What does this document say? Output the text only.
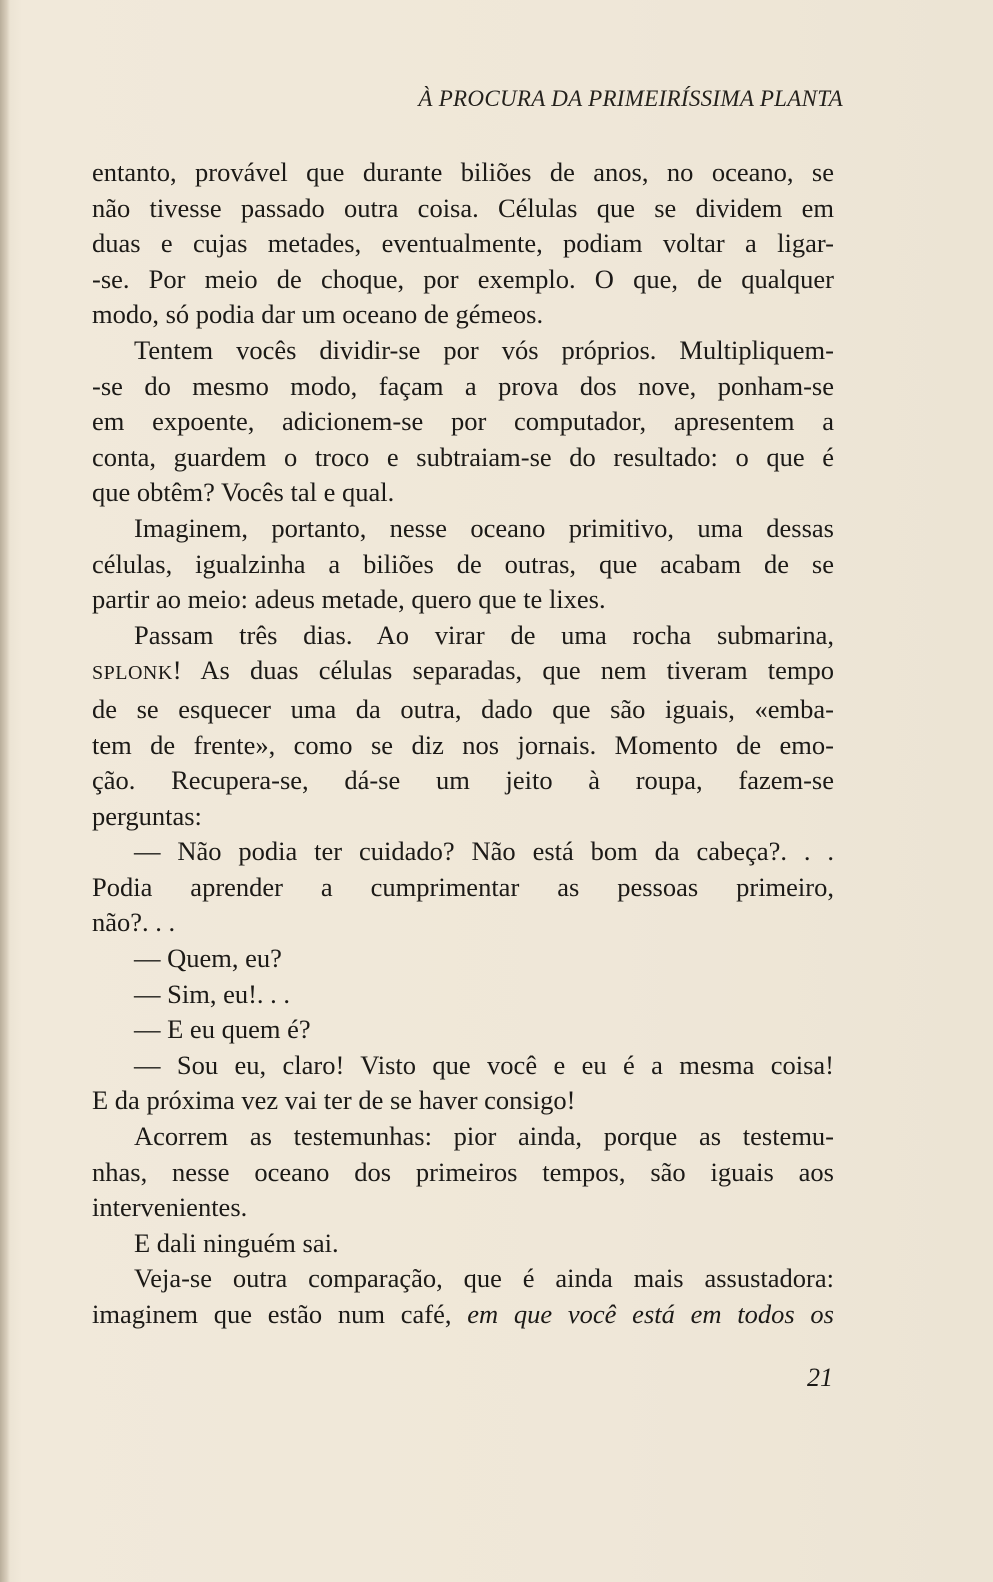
À PROCURA DA PRIMEIRÍSSIMA PLANTA

entanto, provável que durante biliões de anos, no oceano, se

não tivesse passado outra coisa. Células que se dividem em

duas e cujas metades, eventualmente, podiam voltar a ligar-

-se. Por meio de choque, por exemplo. O que, de qualquer

modo, só podia dar um oceano de gémeos.

Tentem vocês dividir-se por vós próprios. Multipliquem-

-se do mesmo modo, façam a prova dos nove, ponham-se

em expoente, adicionem-se por computador, apresentem a

conta, guardem o troco e subtraiam-se do resultado: o que é

que obtêm? Vocês tal e qual.

Imaginem, portanto, nesse oceano primitivo, uma dessas

células, igualzinha a biliões de outras, que acabam de se

partir ao meio: adeus metade, quero que te lixes.

Passam três dias. Ao virar de uma rocha submarina,

SPLONK! As duas células separadas, que nem tiveram tempo

de se esquecer uma da outra, dado que são iguais, «emba-

tem de frente», como se diz nos jornais. Momento de emo-

ção. Recupera-se, dá-se um jeito à roupa, fazem-se

perguntas:

— Não podia ter cuidado? Não está bom da cabeça?. . .

Podia aprender a cumprimentar as pessoas primeiro,

não?. . .

— Quem, eu?

— Sim, eu!. . .

— E eu quem é?

— Sou eu, claro! Visto que você e eu é a mesma coisa!

E da próxima vez vai ter de se haver consigo!

Acorrem as testemunhas: pior ainda, porque as testemu-

nhas, nesse oceano dos primeiros tempos, são iguais aos

intervenientes.

E dali ninguém sai.

Veja-se outra comparação, que é ainda mais assustadora:

imaginem que estão num café, em que você está em todos os

21
